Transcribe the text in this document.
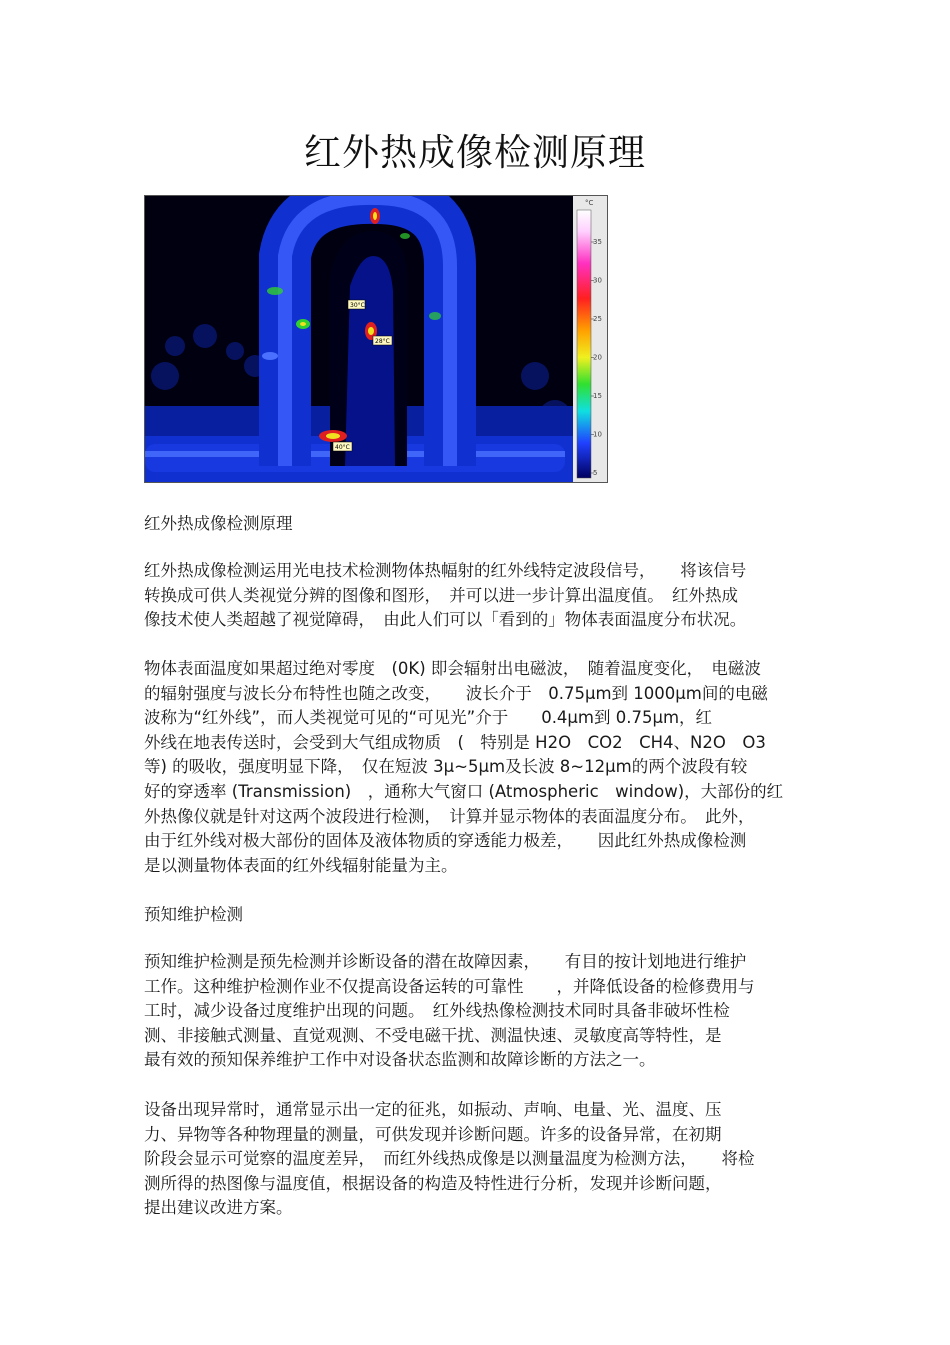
红外热成像检测原理
30°C
28°C
40°C
°C
35
30
25
20
15
10
5
红外热成像检测原理
红外热成像检测运用光电技术检测物体热幅射的红外线特定波段信号，　　将该信号
转换成可供人类视觉分辨的图像和图形，　并可以进一步计算出温度值。　红外热成
像技术使人类超越了视觉障碍，　由此人们可以「看到的」物体表面温度分布状况。
物体表面温度如果超过绝对零度　(0K) 即会辐射出电磁波，　随着温度变化，　电磁波
的辐射强度与波长分布特性也随之改变，　　波长介于　0.75μm到 1000μm间的电磁
波称为“红外线”，而人类视觉可见的“可见光”介于　　0.4μm到 0.75μm，红
外线在地表传送时，会受到大气组成物质　(　特别是 H2O　CO2　CH4、N2O　O3
等) 的吸收，强度明显下降，　仅在短波 3μ~5μm及长波 8~12μm的两个波段有较
好的穿透率 (Transmission)　，通称大气窗口 (Atmospheric　window)，大部份的红
外热像仪就是针对这两个波段进行检测，　计算并显示物体的表面温度分布。　此外，
由于红外线对极大部份的固体及液体物质的穿透能力极差，　　因此红外热成像检测
是以测量物体表面的红外线辐射能量为主。
预知维护检测
预知维护检测是预先检测并诊断设备的潜在故障因素，　　有目的按计划地进行维护
工作。这种维护检测作业不仅提高设备运转的可靠性　　，并降低设备的检修费用与
工时，减少设备过度维护出现的问题。　红外线热像检测技术同时具备非破坏性检
测、非接触式测量、直觉观测、不受电磁干扰、测温快速、灵敏度高等特性，是
最有效的预知保养维护工作中对设备状态监测和故障诊断的方法之一。
设备出现异常时，通常显示出一定的征兆，如振动、声响、电量、光、温度、压
力、异物等各种物理量的测量，可供发现并诊断问题。许多的设备异常，在初期
阶段会显示可觉察的温度差异，　而红外线热成像是以测量温度为检测方法，　　将检
测所得的热图像与温度值，根据设备的构造及特性进行分析，发现并诊断问题，
提出建议改进方案。
